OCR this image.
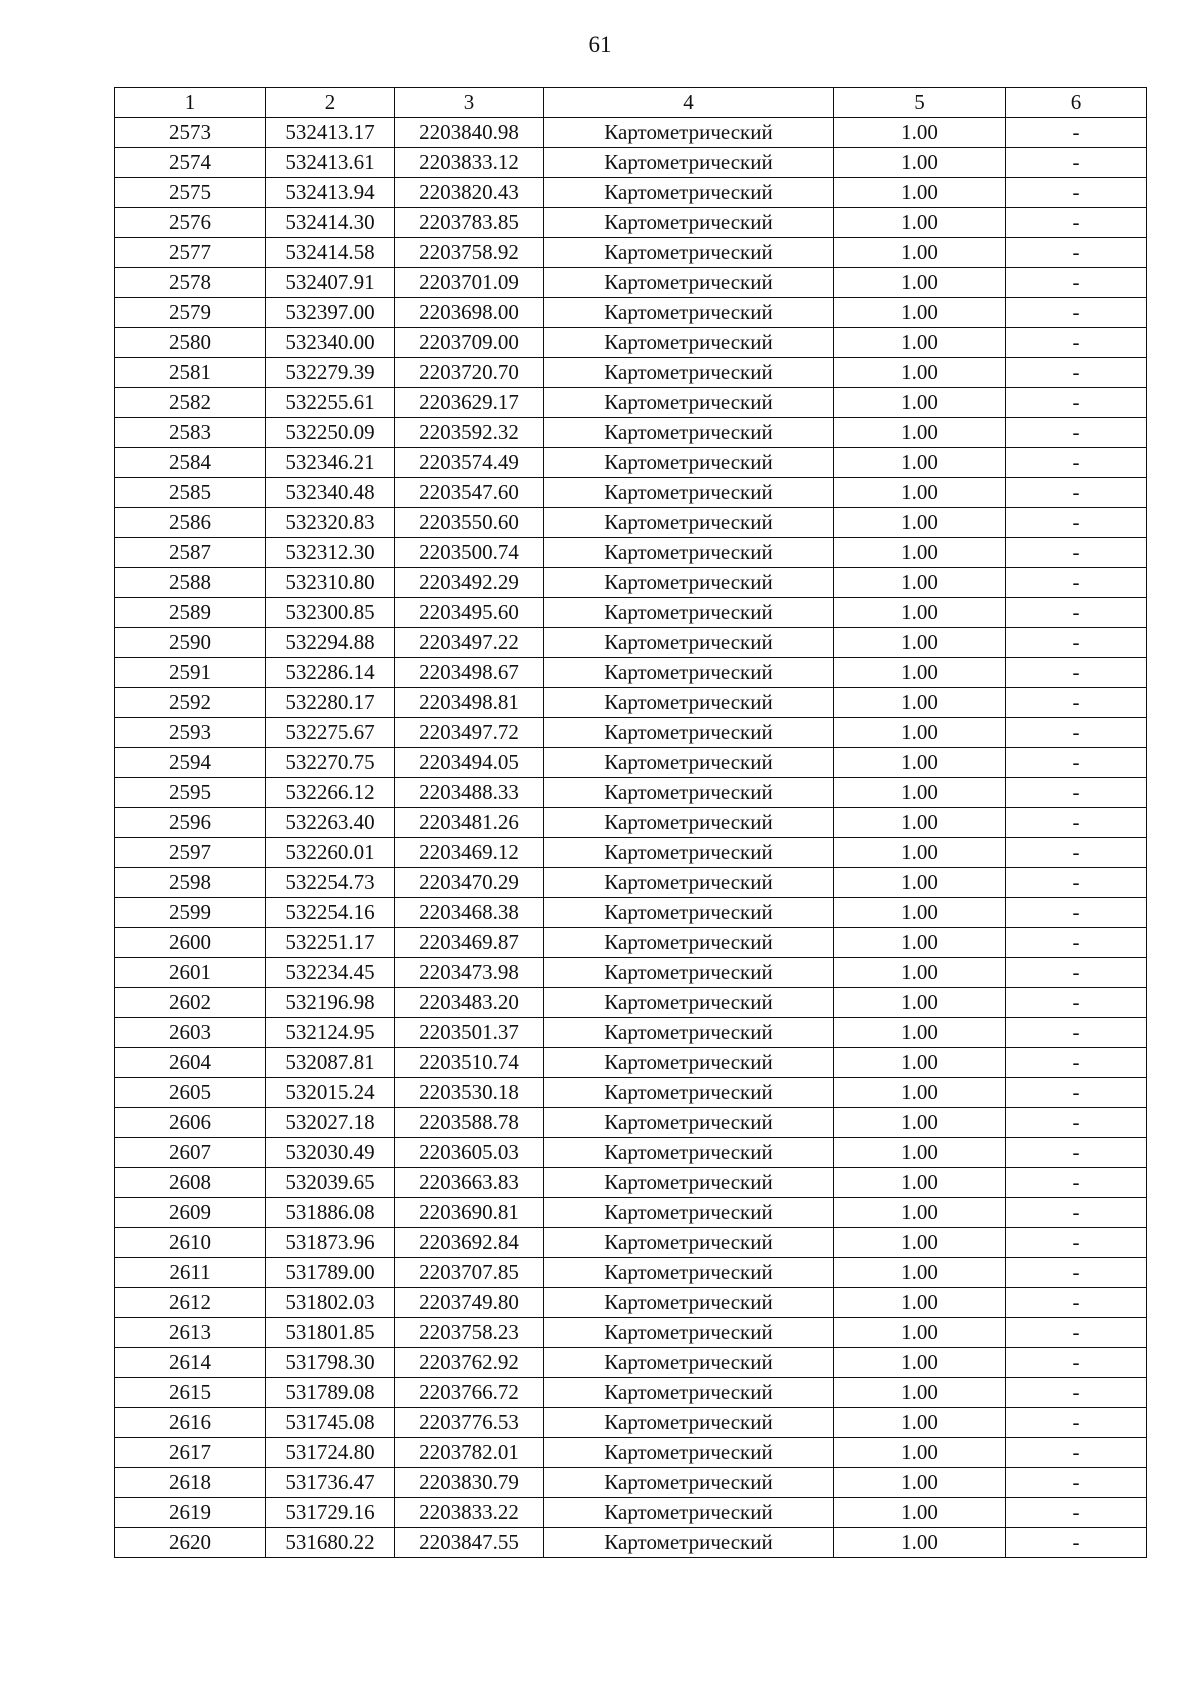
61
1	2	3	4	5	6
2573	532413.17	2203840.98	Картометрический	1.00	-
2574	532413.61	2203833.12	Картометрический	1.00	-
2575	532413.94	2203820.43	Картометрический	1.00	-
2576	532414.30	2203783.85	Картометрический	1.00	-
2577	532414.58	2203758.92	Картометрический	1.00	-
2578	532407.91	2203701.09	Картометрический	1.00	-
2579	532397.00	2203698.00	Картометрический	1.00	-
2580	532340.00	2203709.00	Картометрический	1.00	-
2581	532279.39	2203720.70	Картометрический	1.00	-
2582	532255.61	2203629.17	Картометрический	1.00	-
2583	532250.09	2203592.32	Картометрический	1.00	-
2584	532346.21	2203574.49	Картометрический	1.00	-
2585	532340.48	2203547.60	Картометрический	1.00	-
2586	532320.83	2203550.60	Картометрический	1.00	-
2587	532312.30	2203500.74	Картометрический	1.00	-
2588	532310.80	2203492.29	Картометрический	1.00	-
2589	532300.85	2203495.60	Картометрический	1.00	-
2590	532294.88	2203497.22	Картометрический	1.00	-
2591	532286.14	2203498.67	Картометрический	1.00	-
2592	532280.17	2203498.81	Картометрический	1.00	-
2593	532275.67	2203497.72	Картометрический	1.00	-
2594	532270.75	2203494.05	Картометрический	1.00	-
2595	532266.12	2203488.33	Картометрический	1.00	-
2596	532263.40	2203481.26	Картометрический	1.00	-
2597	532260.01	2203469.12	Картометрический	1.00	-
2598	532254.73	2203470.29	Картометрический	1.00	-
2599	532254.16	2203468.38	Картометрический	1.00	-
2600	532251.17	2203469.87	Картометрический	1.00	-
2601	532234.45	2203473.98	Картометрический	1.00	-
2602	532196.98	2203483.20	Картометрический	1.00	-
2603	532124.95	2203501.37	Картометрический	1.00	-
2604	532087.81	2203510.74	Картометрический	1.00	-
2605	532015.24	2203530.18	Картометрический	1.00	-
2606	532027.18	2203588.78	Картометрический	1.00	-
2607	532030.49	2203605.03	Картометрический	1.00	-
2608	532039.65	2203663.83	Картометрический	1.00	-
2609	531886.08	2203690.81	Картометрический	1.00	-
2610	531873.96	2203692.84	Картометрический	1.00	-
2611	531789.00	2203707.85	Картометрический	1.00	-
2612	531802.03	2203749.80	Картометрический	1.00	-
2613	531801.85	2203758.23	Картометрический	1.00	-
2614	531798.30	2203762.92	Картометрический	1.00	-
2615	531789.08	2203766.72	Картометрический	1.00	-
2616	531745.08	2203776.53	Картометрический	1.00	-
2617	531724.80	2203782.01	Картометрический	1.00	-
2618	531736.47	2203830.79	Картометрический	1.00	-
2619	531729.16	2203833.22	Картометрический	1.00	-
2620	531680.22	2203847.55	Картометрический	1.00	-
